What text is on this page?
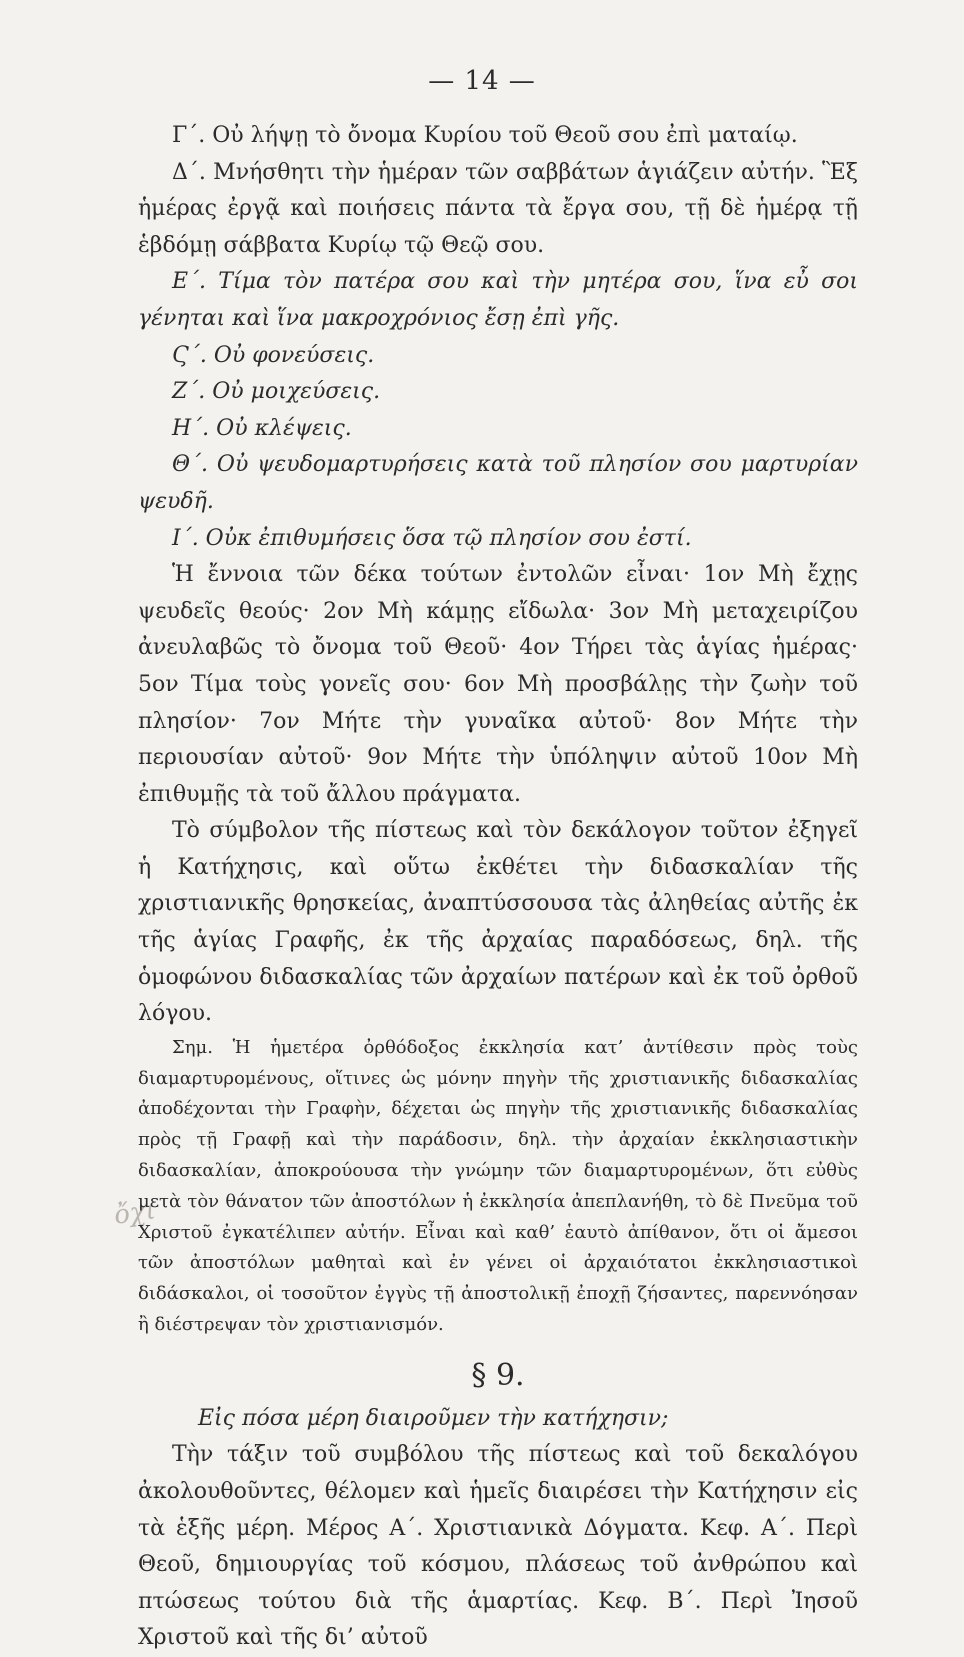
— 14 —
ὄχι

Γ΄. Οὐ λήψῃ τὸ ὄνομα Κυρίου τοῦ Θεοῦ σου ἐπὶ ματαίῳ.

Δ΄. Μνήσθητι τὴν ἡμέραν τῶν σαββάτων ἁγιάζειν αὐτήν. Ἓξ ἡμέρας ἐργᾷ καὶ ποιήσεις πάντα τὰ ἔργα σου, τῇ δὲ ἡμέρᾳ τῇ ἑβδόμῃ σάββατα Κυρίῳ τῷ Θεῷ σου.

Ε΄. Τίμα τὸν πατέρα σου καὶ τὴν μητέρα σου, ἵνα εὖ σοι γένηται καὶ ἵνα μακροχρόνιος ἔσῃ ἐπὶ γῆς.

Ϛ΄. Οὐ φονεύσεις.

Ζ΄. Οὐ μοιχεύσεις.

Η΄. Οὐ κλέψεις.

Θ΄. Οὐ ψευδομαρτυρήσεις κατὰ τοῦ πλησίον σου μαρτυρίαν ψευδῆ.

Ι΄. Οὐκ ἐπιθυμήσεις ὅσα τῷ πλησίον σου ἐστί.

Ἡ ἔννοια τῶν δέκα τούτων ἐντολῶν εἶναι· 1ον Μὴ ἔχῃς ψευδεῖς θεούς· 2ον Μὴ κάμῃς εἴδωλα· 3ον Μὴ μεταχειρίζου ἀνευλαβῶς τὸ ὄνομα τοῦ Θεοῦ· 4ον Τήρει τὰς ἁγίας ἡμέρας· 5ον Τίμα τοὺς γονεῖς σου· 6ον Μὴ προσβάλῃς τὴν ζωὴν τοῦ πλησίον· 7ον Μήτε τὴν γυναῖκα αὐτοῦ· 8ον Μήτε τὴν περιουσίαν αὐτοῦ· 9ον Μήτε τὴν ὑπόληψιν αὐτοῦ 10ον Μὴ ἐπιθυμῇς τὰ τοῦ ἄλλου πράγματα.

Τὸ σύμβολον τῆς πίστεως καὶ τὸν δεκάλογον τοῦτον ἐξηγεῖ ἡ Κατήχησις, καὶ οὕτω ἐκθέτει τὴν διδασκαλίαν τῆς χριστιανικῆς θρησκείας, ἀναπτύσσουσα τὰς ἀληθείας αὐτῆς ἐκ τῆς ἁγίας Γραφῆς, ἐκ τῆς ἀρχαίας παραδόσεως, δηλ. τῆς ὁμοφώνου διδασκαλίας τῶν ἀρχαίων πατέρων καὶ ἐκ τοῦ ὀρθοῦ λόγου.

Σημ. Ἡ ἡμετέρα ὀρθόδοξος ἐκκλησία κατ’ ἀντίθεσιν πρὸς τοὺς διαμαρτυρομένους, οἵτινες ὡς μόνην πηγὴν τῆς χριστιανικῆς διδασκαλίας ἀποδέχονται τὴν Γραφὴν, δέχεται ὡς πηγὴν τῆς χριστιανικῆς διδασκαλίας πρὸς τῇ Γραφῇ καὶ τὴν παράδοσιν, δηλ. τὴν ἀρχαίαν ἐκκλησιαστικὴν διδασκαλίαν, ἀποκρούουσα τὴν γνώμην τῶν διαμαρτυρομένων, ὅτι εὐθὺς μετὰ τὸν θάνατον τῶν ἀποστόλων ἡ ἐκκλησία ἀπεπλανήθη, τὸ δὲ Πνεῦμα τοῦ Χριστοῦ ἐγκατέλιπεν αὐτήν. Εἶναι καὶ καθ’ ἑαυτὸ ἀπίθανον, ὅτι οἱ ἄμεσοι τῶν ἀποστόλων μαθηταὶ καὶ ἐν γένει οἱ ἀρχαιότατοι ἐκκλησιαστικοὶ διδάσκαλοι, οἱ τοσοῦτον ἐγγὺς τῇ ἀποστολικῇ ἐποχῇ ζήσαντες, παρεννόησαν ἢ διέστρεψαν τὸν χριστιανισμόν.

§ 9.

Εἰς πόσα μέρη διαιροῦμεν τὴν κατήχησιν;

Τὴν τάξιν τοῦ συμβόλου τῆς πίστεως καὶ τοῦ δεκαλόγου ἀκολουθοῦντες, θέλομεν καὶ ἡμεῖς διαιρέσει τὴν Κατήχησιν εἰς τὰ ἑξῆς μέρη. Μέρος Α΄. Χριστιανικὰ Δόγματα. Κεφ. Α΄. Περὶ Θεοῦ, δημιουργίας τοῦ κόσμου, πλάσεως τοῦ ἀνθρώπου καὶ πτώσεως τούτου διὰ τῆς ἁμαρτίας. Κεφ. Β΄. Περὶ Ἰησοῦ Χριστοῦ καὶ τῆς δι’ αὐτοῦ
